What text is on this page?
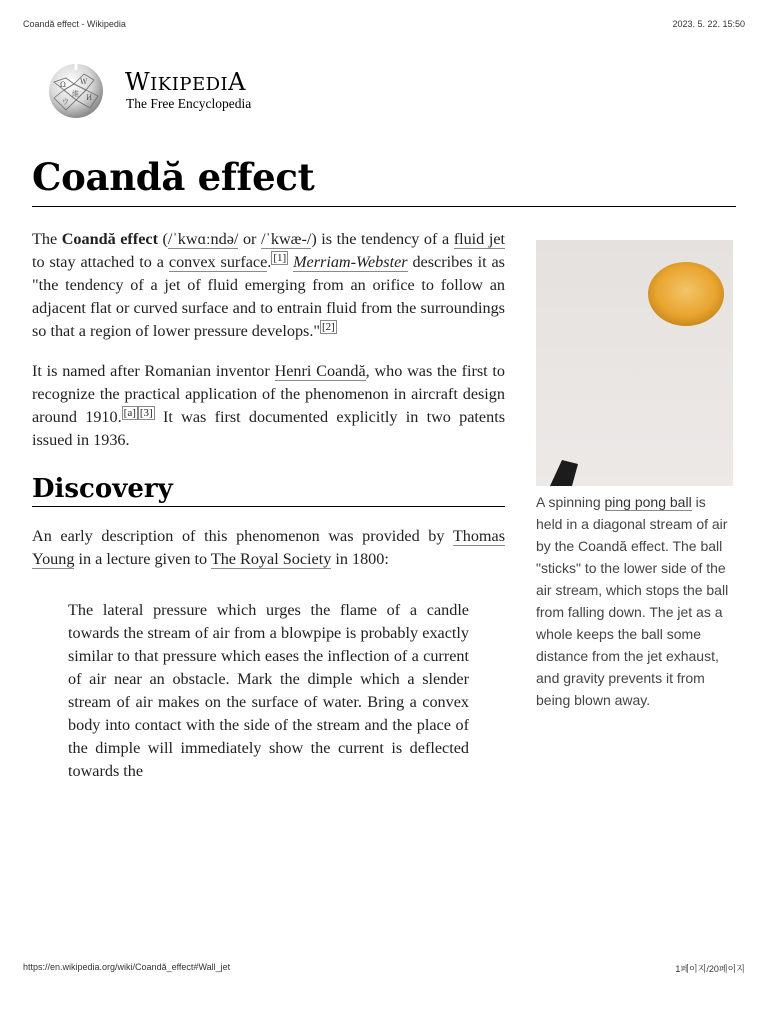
Coandă effect - Wikipedia	2023. 5. 22. 15:50
Ω W
維 И
ウ
WIKIPEDIA
The Free Encyclopedia
Coandă effect
A spinning ping pong ball is held in a diagonal stream of air by the Coandă effect. The ball "sticks" to the lower side of the air stream, which stops the ball from falling down. The jet as a whole keeps the ball some distance from the jet exhaust, and gravity prevents it from being blown away.

The Coandă effect (/ˈkwɑːndə/ or /ˈkwæ-/) is the tendency of a fluid jet to stay attached to a convex surface. [1] Merriam-Webster describes it as "the tendency of a jet of fluid emerging from an orifice to follow an adjacent flat or curved surface and to entrain fluid from the surroundings so that a region of lower pressure develops." [2]

It is named after Romanian inventor Henri Coandă, who was the first to recognize the practical application of the phenomenon in aircraft design around 1910. [a] [3] It was first documented explicitly in two patents issued in 1936.

Discovery

An early description of this phenomenon was provided by Thomas Young in a lecture given to The Royal Society in 1800:

The lateral pressure which urges the flame of a candle towards the stream of air from a blowpipe is probably exactly similar to that pressure which eases the inflection of a current of air near an obstacle. Mark the dimple which a slender stream of air makes on the surface of water. Bring a convex body into contact with the side of the stream and the place of the dimple will immediately show the current is deflected towards the
https://en.wikipedia.org/wiki/Coandă_effect#Wall_jet	1페이지/20페이지
